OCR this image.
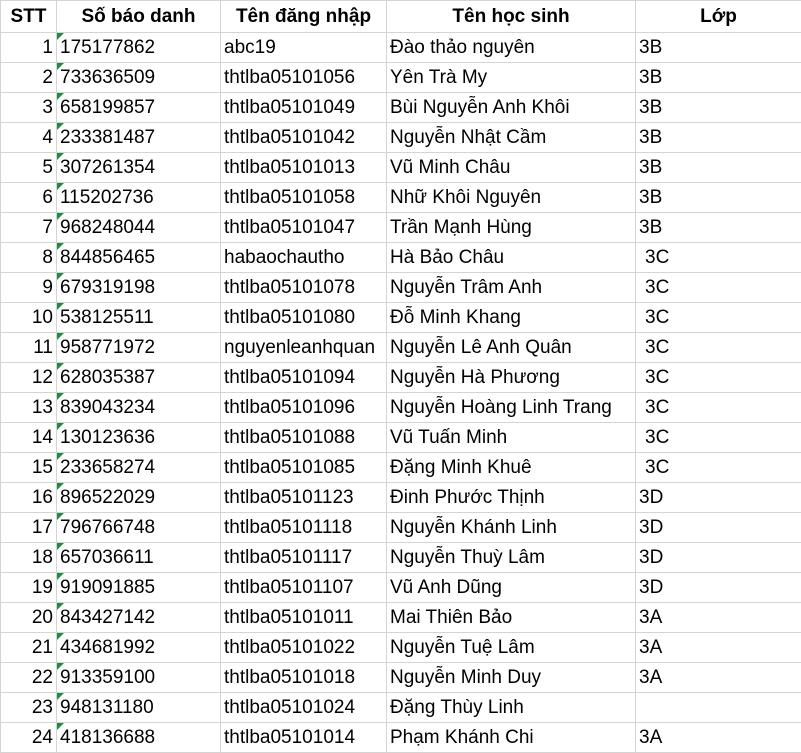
STT	Số báo danh	Tên đăng nhập	Tên học sinh	Lớp
1	175177862	abc19	Đào thảo nguyên	3B
2	733636509	thtlba05101056	Yên Trà My	3B
3	658199857	thtlba05101049	Bùi Nguyễn Anh Khôi	3B
4	233381487	thtlba05101042	Nguyễn Nhật Cầm	3B
5	307261354	thtlba05101013	Vũ Minh Châu	3B
6	115202736	thtlba05101058	Nhữ Khôi Nguyên	3B
7	968248044	thtlba05101047	Trần Mạnh Hùng	3B
8	844856465	habaochautho	Hà Bảo Châu	3C
9	679319198	thtlba05101078	Nguyễn Trâm Anh	3C
10	538125511	thtlba05101080	Đỗ Minh Khang	3C
11	958771972	nguyenleanhquan	Nguyễn Lê Anh Quân	3C
12	628035387	thtlba05101094	Nguyễn Hà Phương	3C
13	839043234	thtlba05101096	Nguyễn Hoàng Linh Trang	3C
14	130123636	thtlba05101088	Vũ Tuấn Minh	3C
15	233658274	thtlba05101085	Đặng Minh Khuê	3C
16	896522029	thtlba05101123	Đinh Phước Thịnh	3D
17	796766748	thtlba05101118	Nguyễn Khánh Linh	3D
18	657036611	thtlba05101117	Nguyễn Thuỳ Lâm	3D
19	919091885	thtlba05101107	Vũ Anh Dũng	3D
20	843427142	thtlba05101011	Mai Thiên Bảo	3A
21	434681992	thtlba05101022	Nguyễn Tuệ Lâm	3A
22	913359100	thtlba05101018	Nguyễn Minh Duy	3A
23	948131180	thtlba05101024	Đặng Thùy Linh	
24	418136688	thtlba05101014	Phạm Khánh Chi	3A
